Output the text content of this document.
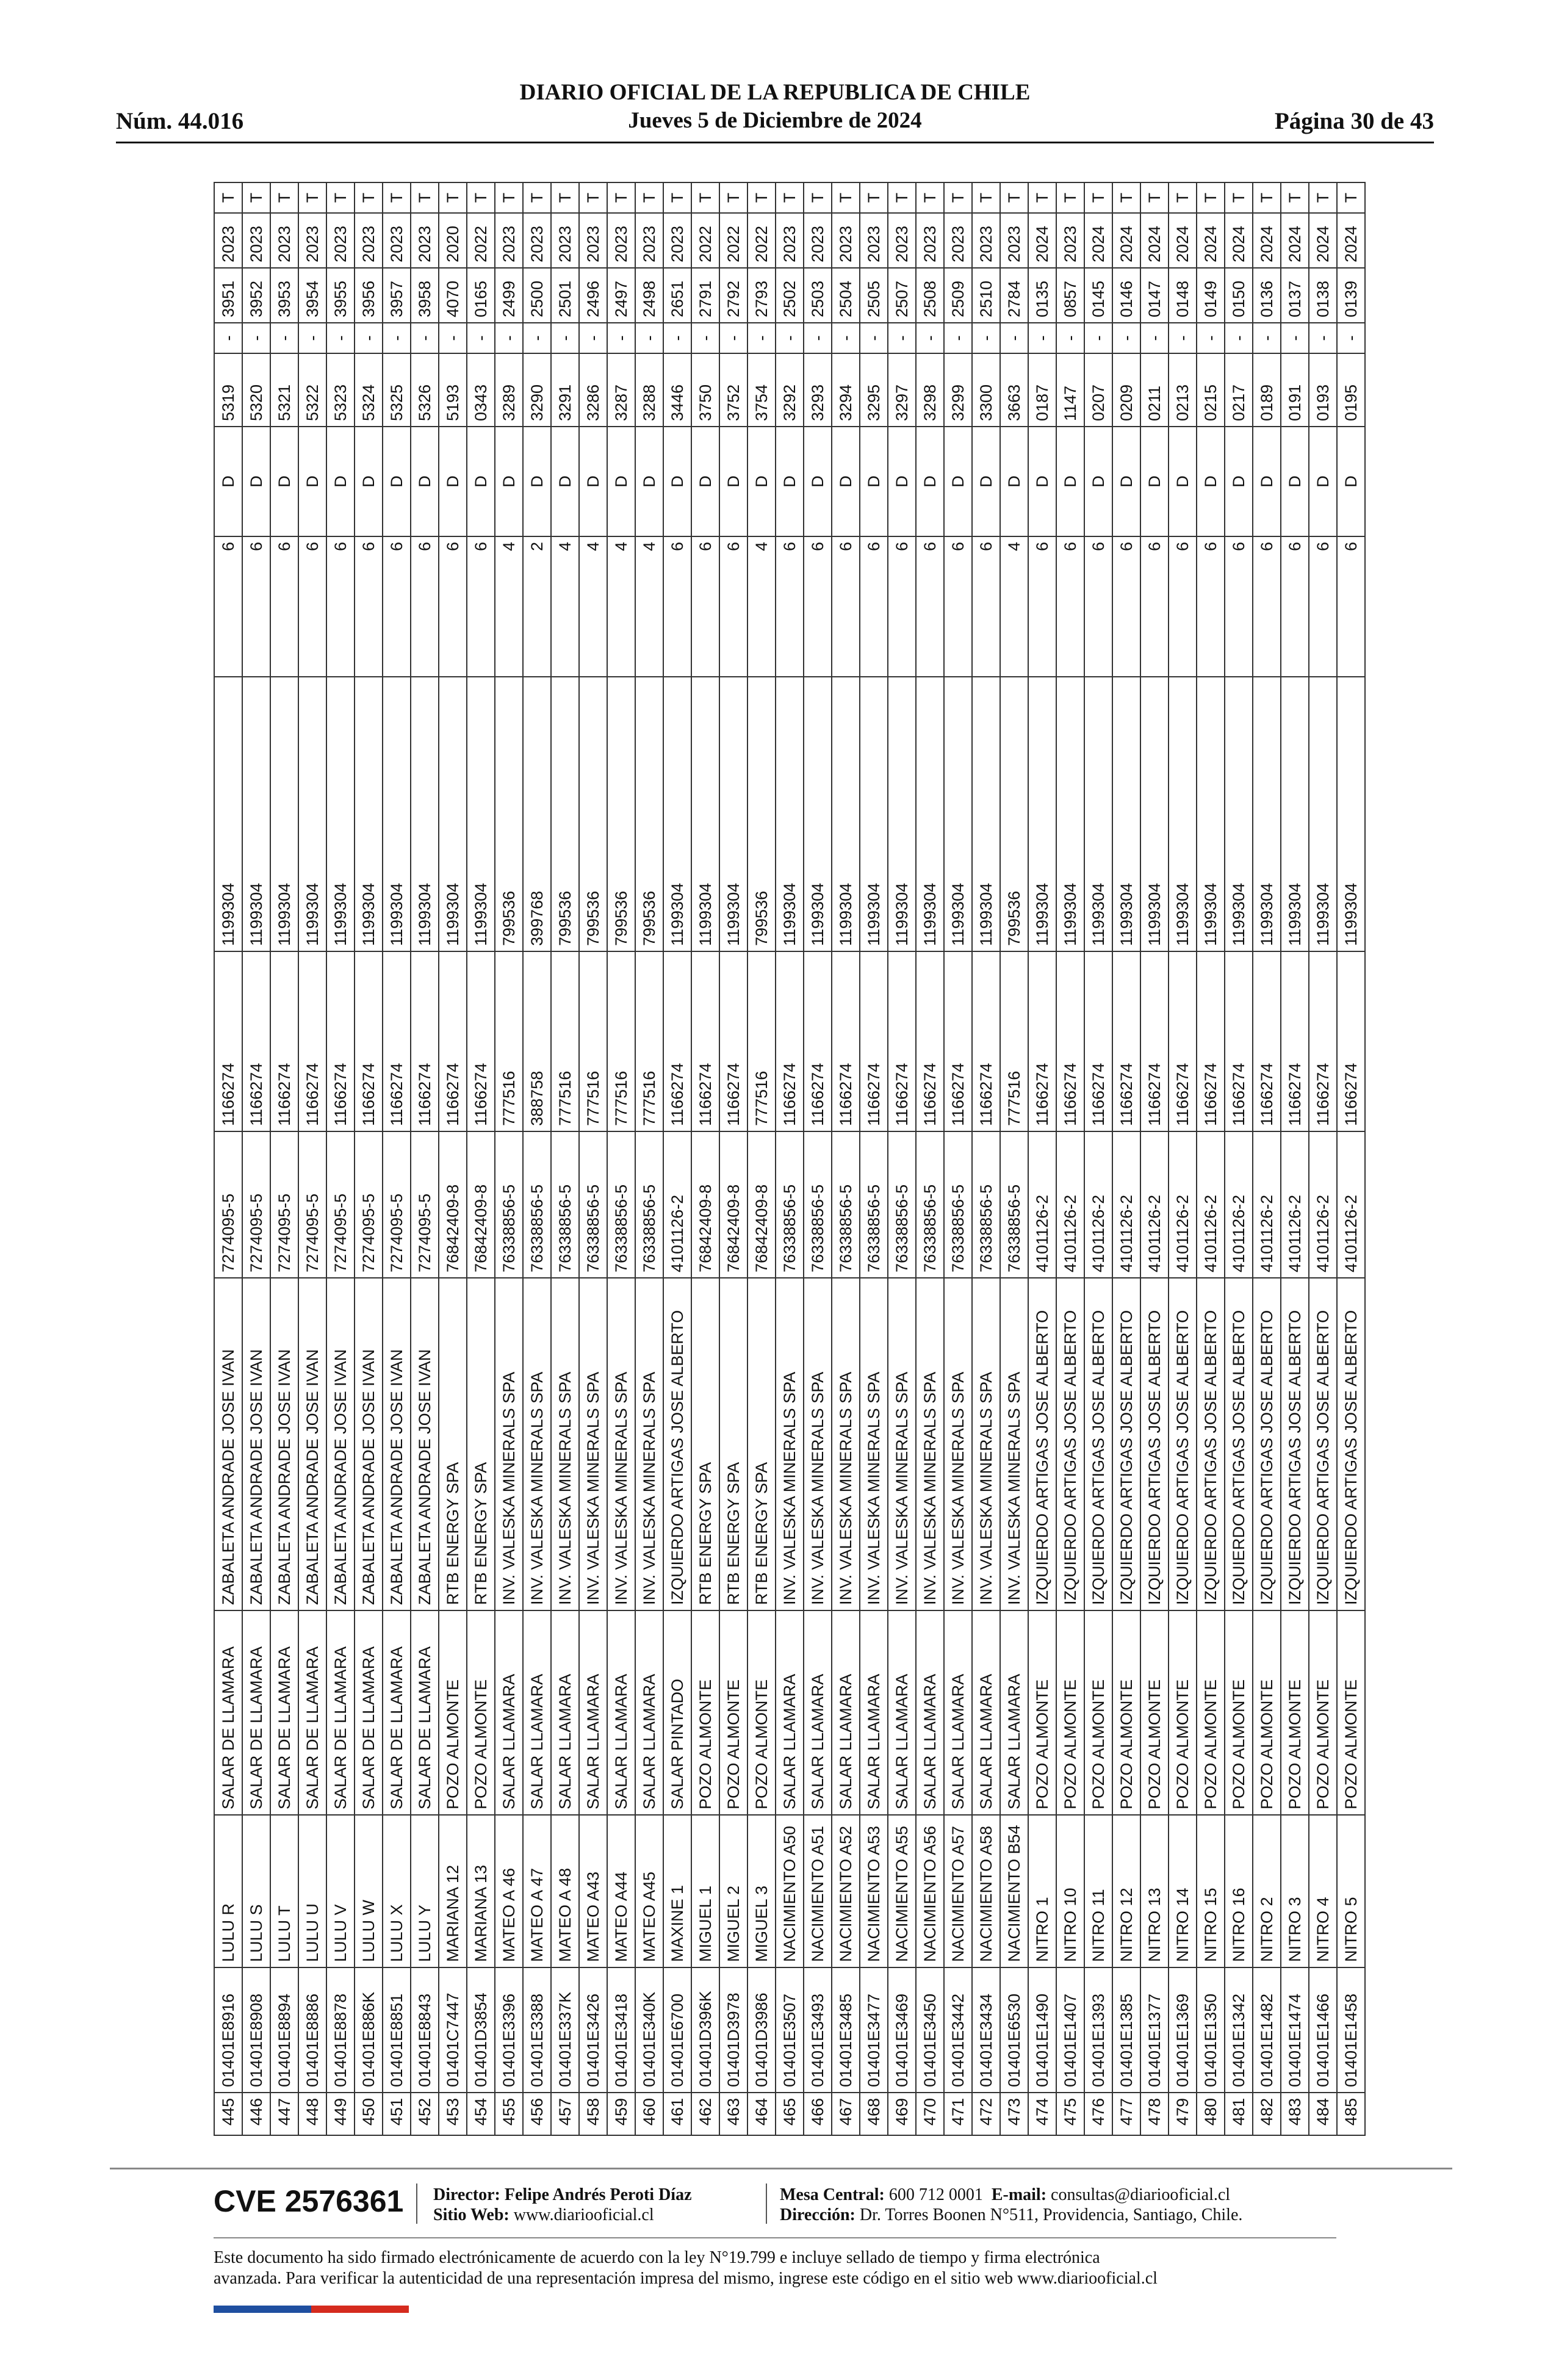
DIARIO OFICIAL DE LA REPUBLICA DE CHILE
Núm. 44.016	Jueves 5 de Diciembre de 2024	Página 30 de 43
445	01401E8916	LULU R	SALAR DE LLAMARA	ZABALETA ANDRADE JOSE IVAN	7274095-5	1166274	1199304	6	D	5319	-	3951	2023	T
446	01401E8908	LULU S	SALAR DE LLAMARA	ZABALETA ANDRADE JOSE IVAN	7274095-5	1166274	1199304	6	D	5320	-	3952	2023	T
447	01401E8894	LULU T	SALAR DE LLAMARA	ZABALETA ANDRADE JOSE IVAN	7274095-5	1166274	1199304	6	D	5321	-	3953	2023	T
448	01401E8886	LULU U	SALAR DE LLAMARA	ZABALETA ANDRADE JOSE IVAN	7274095-5	1166274	1199304	6	D	5322	-	3954	2023	T
449	01401E8878	LULU V	SALAR DE LLAMARA	ZABALETA ANDRADE JOSE IVAN	7274095-5	1166274	1199304	6	D	5323	-	3955	2023	T
450	01401E886K	LULU W	SALAR DE LLAMARA	ZABALETA ANDRADE JOSE IVAN	7274095-5	1166274	1199304	6	D	5324	-	3956	2023	T
451	01401E8851	LULU X	SALAR DE LLAMARA	ZABALETA ANDRADE JOSE IVAN	7274095-5	1166274	1199304	6	D	5325	-	3957	2023	T
452	01401E8843	LULU Y	SALAR DE LLAMARA	ZABALETA ANDRADE JOSE IVAN	7274095-5	1166274	1199304	6	D	5326	-	3958	2023	T
453	01401C7447	MARIANA 12	POZO ALMONTE	RTB ENERGY SPA	76842409-8	1166274	1199304	6	D	5193	-	4070	2020	T
454	01401D3854	MARIANA 13	POZO ALMONTE	RTB ENERGY SPA	76842409-8	1166274	1199304	6	D	0343	-	0165	2022	T
455	01401E3396	MATEO A 46	SALAR LLAMARA	INV. VALESKA MINERALS SPA	76338856-5	777516	799536	4	D	3289	-	2499	2023	T
456	01401E3388	MATEO A 47	SALAR LLAMARA	INV. VALESKA MINERALS SPA	76338856-5	388758	399768	2	D	3290	-	2500	2023	T
457	01401E337K	MATEO A 48	SALAR LLAMARA	INV. VALESKA MINERALS SPA	76338856-5	777516	799536	4	D	3291	-	2501	2023	T
458	01401E3426	MATEO A43	SALAR LLAMARA	INV. VALESKA MINERALS SPA	76338856-5	777516	799536	4	D	3286	-	2496	2023	T
459	01401E3418	MATEO A44	SALAR LLAMARA	INV. VALESKA MINERALS SPA	76338856-5	777516	799536	4	D	3287	-	2497	2023	T
460	01401E340K	MATEO A45	SALAR LLAMARA	INV. VALESKA MINERALS SPA	76338856-5	777516	799536	4	D	3288	-	2498	2023	T
461	01401E6700	MAXINE 1	SALAR PINTADO	IZQUIERDO ARTIGAS JOSE ALBERTO	4101126-2	1166274	1199304	6	D	3446	-	2651	2023	T
462	01401D396K	MIGUEL 1	POZO ALMONTE	RTB ENERGY SPA	76842409-8	1166274	1199304	6	D	3750	-	2791	2022	T
463	01401D3978	MIGUEL 2	POZO ALMONTE	RTB ENERGY SPA	76842409-8	1166274	1199304	6	D	3752	-	2792	2022	T
464	01401D3986	MIGUEL 3	POZO ALMONTE	RTB ENERGY SPA	76842409-8	777516	799536	4	D	3754	-	2793	2022	T
465	01401E3507	NACIMIENTO A50	SALAR LLAMARA	INV. VALESKA MINERALS SPA	76338856-5	1166274	1199304	6	D	3292	-	2502	2023	T
466	01401E3493	NACIMIENTO A51	SALAR LLAMARA	INV. VALESKA MINERALS SPA	76338856-5	1166274	1199304	6	D	3293	-	2503	2023	T
467	01401E3485	NACIMIENTO A52	SALAR LLAMARA	INV. VALESKA MINERALS SPA	76338856-5	1166274	1199304	6	D	3294	-	2504	2023	T
468	01401E3477	NACIMIENTO A53	SALAR LLAMARA	INV. VALESKA MINERALS SPA	76338856-5	1166274	1199304	6	D	3295	-	2505	2023	T
469	01401E3469	NACIMIENTO A55	SALAR LLAMARA	INV. VALESKA MINERALS SPA	76338856-5	1166274	1199304	6	D	3297	-	2507	2023	T
470	01401E3450	NACIMIENTO A56	SALAR LLAMARA	INV. VALESKA MINERALS SPA	76338856-5	1166274	1199304	6	D	3298	-	2508	2023	T
471	01401E3442	NACIMIENTO A57	SALAR LLAMARA	INV. VALESKA MINERALS SPA	76338856-5	1166274	1199304	6	D	3299	-	2509	2023	T
472	01401E3434	NACIMIENTO A58	SALAR LLAMARA	INV. VALESKA MINERALS SPA	76338856-5	1166274	1199304	6	D	3300	-	2510	2023	T
473	01401E6530	NACIMIENTO B54	SALAR LLAMARA	INV. VALESKA MINERALS SPA	76338856-5	777516	799536	4	D	3663	-	2784	2023	T
474	01401E1490	NITRO 1	POZO ALMONTE	IZQUIERDO ARTIGAS JOSE ALBERTO	4101126-2	1166274	1199304	6	D	0187	-	0135	2024	T
475	01401E1407	NITRO 10	POZO ALMONTE	IZQUIERDO ARTIGAS JOSE ALBERTO	4101126-2	1166274	1199304	6	D	1147	-	0857	2023	T
476	01401E1393	NITRO 11	POZO ALMONTE	IZQUIERDO ARTIGAS JOSE ALBERTO	4101126-2	1166274	1199304	6	D	0207	-	0145	2024	T
477	01401E1385	NITRO 12	POZO ALMONTE	IZQUIERDO ARTIGAS JOSE ALBERTO	4101126-2	1166274	1199304	6	D	0209	-	0146	2024	T
478	01401E1377	NITRO 13	POZO ALMONTE	IZQUIERDO ARTIGAS JOSE ALBERTO	4101126-2	1166274	1199304	6	D	0211	-	0147	2024	T
479	01401E1369	NITRO 14	POZO ALMONTE	IZQUIERDO ARTIGAS JOSE ALBERTO	4101126-2	1166274	1199304	6	D	0213	-	0148	2024	T
480	01401E1350	NITRO 15	POZO ALMONTE	IZQUIERDO ARTIGAS JOSE ALBERTO	4101126-2	1166274	1199304	6	D	0215	-	0149	2024	T
481	01401E1342	NITRO 16	POZO ALMONTE	IZQUIERDO ARTIGAS JOSE ALBERTO	4101126-2	1166274	1199304	6	D	0217	-	0150	2024	T
482	01401E1482	NITRO 2	POZO ALMONTE	IZQUIERDO ARTIGAS JOSE ALBERTO	4101126-2	1166274	1199304	6	D	0189	-	0136	2024	T
483	01401E1474	NITRO 3	POZO ALMONTE	IZQUIERDO ARTIGAS JOSE ALBERTO	4101126-2	1166274	1199304	6	D	0191	-	0137	2024	T
484	01401E1466	NITRO 4	POZO ALMONTE	IZQUIERDO ARTIGAS JOSE ALBERTO	4101126-2	1166274	1199304	6	D	0193	-	0138	2024	T
485	01401E1458	NITRO 5	POZO ALMONTE	IZQUIERDO ARTIGAS JOSE ALBERTO	4101126-2	1166274	1199304	6	D	0195	-	0139	2024	T
CVE 2576361 Director: Felipe Andrés Peroti Díaz
Sitio Web: www.diariooficial.cl
Mesa Central: 600 712 0001 E-mail: consultas@diariooficial.cl
Dirección: Dr. Torres Boonen N°511, Providencia, Santiago, Chile.
Este documento ha sido firmado electrónicamente de acuerdo con la ley N°19.799 e incluye sellado de tiempo y firma electrónica
avanzada. Para verificar la autenticidad de una representación impresa del mismo, ingrese este código en el sitio web www.diariooficial.cl
